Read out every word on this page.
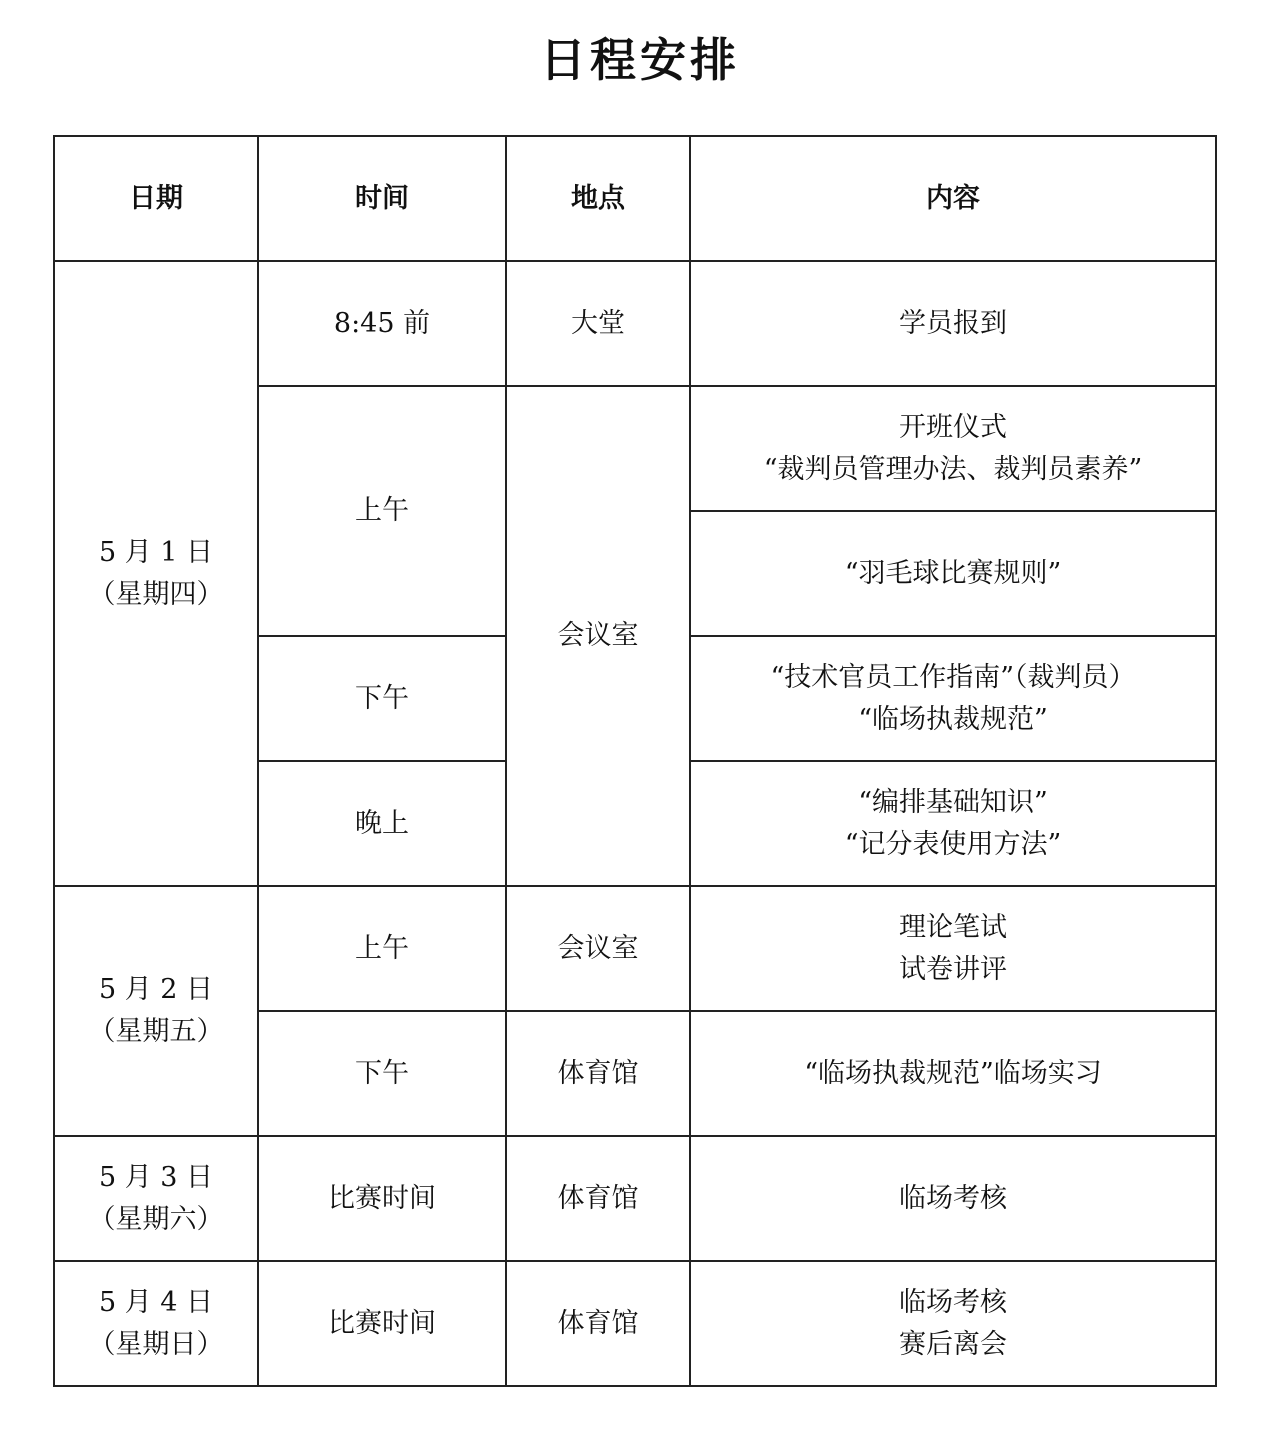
日程安排
日期	时间	地点	内容

5 月 1 日
（星期四）	8:45 前	大堂	学员报到

	上午	会议室	开班仪式
“裁判员管理办法、裁判员素养”

			“羽毛球比赛规则”

	下午		“技术官员工作指南”（裁判员）
“临场执裁规范”

	晚上		“编排基础知识”
“记分表使用方法”

5 月 2 日
（星期五）	上午	会议室	理论笔试
试卷讲评

	下午	体育馆	“临场执裁规范”临场实习

5 月 3 日
（星期六）	比赛时间	体育馆	临场考核

5 月 4 日
（星期日）	比赛时间	体育馆	临场考核
赛后离会
